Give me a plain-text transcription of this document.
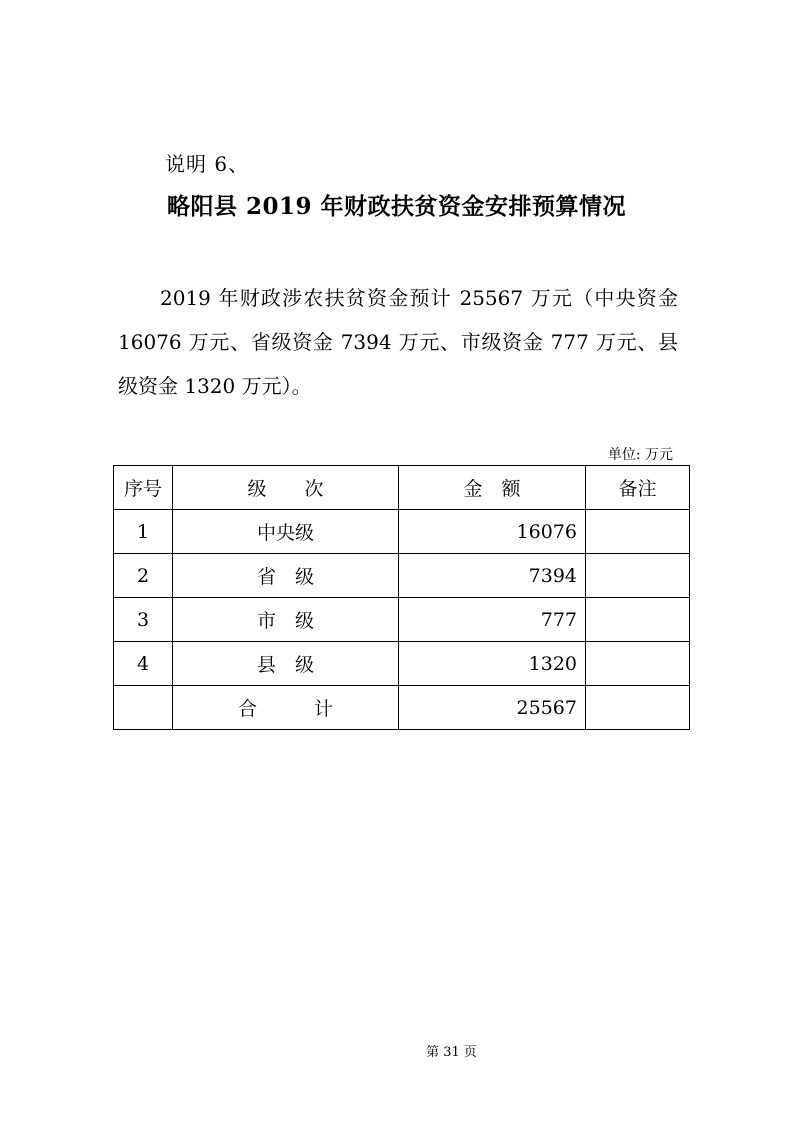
说明 6、
略阳县 2019 年财政扶贫资金安排预算情况
2019 年财政涉农扶贫资金预计 25567 万元（中央资金 16076 万元、省级资金 7394 万元、市级资金 777 万元、县级资金 1320 万元）。
单位: 万元
序号	级　　次	金　额	备注
1	中央级	16076	
2	省　级	7394	
3	市　级	777	
4	县　级	1320	
	合　　　计	25567	
第 31 页
